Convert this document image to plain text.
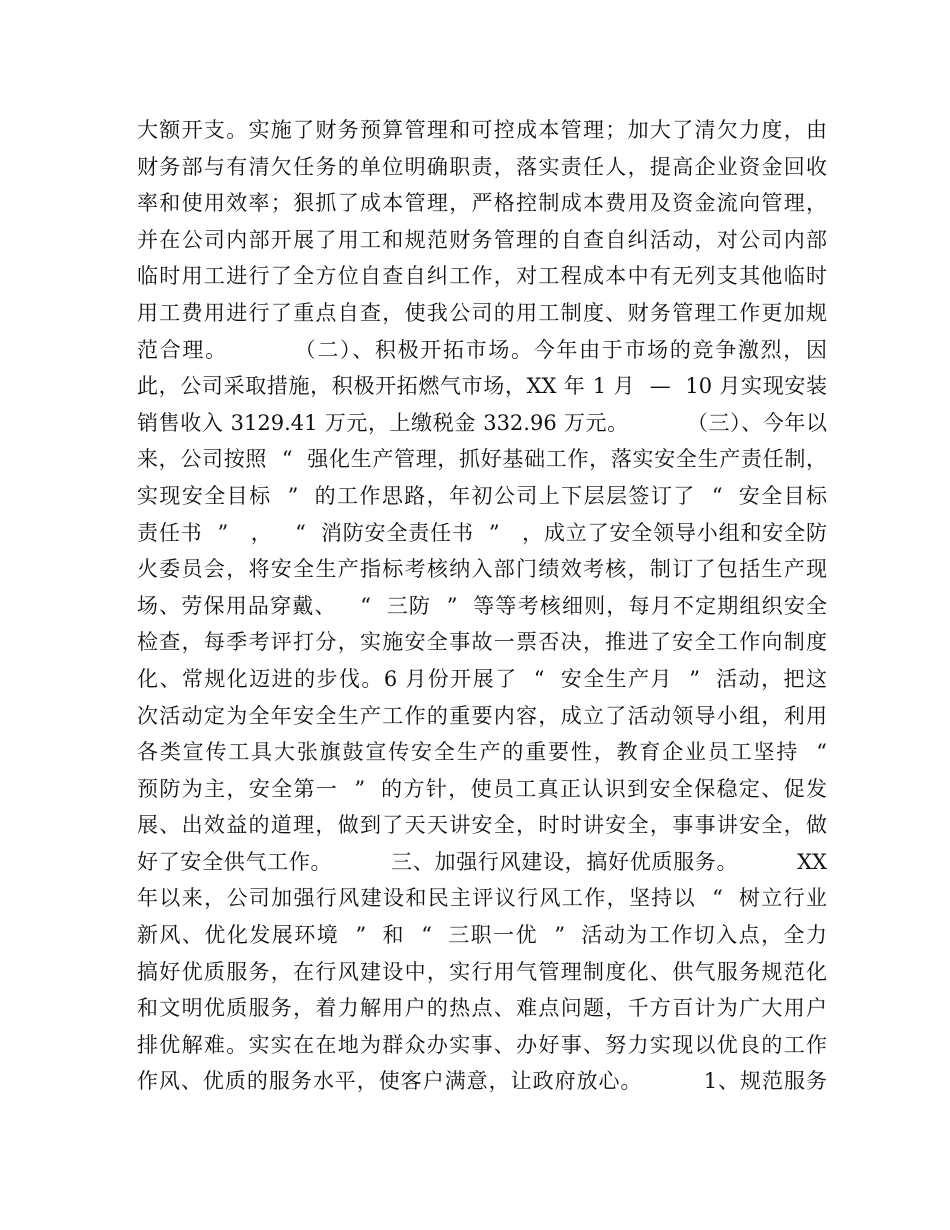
大额开支。实施了财务预算管理和可控成本管理；加大了清欠力度，由
财务部与有清欠任务的单位明确职责，落实责任人，提高企业资金回收
率和使用效率；狠抓了成本管理，严格控制成本费用及资金流向管理，
并在公司内部开展了用工和规范财务管理的自查自纠活动，对公司内部
临时用工进行了全方位自查自纠工作，对工程成本中有无列支其他临时
用工费用进行了重点自查，使我公司的用工制度、财务管理工作更加规
范合理。        （二）、积极开拓市场。今年由于市场的竞争激烈，因
此，公司采取措施，积极开拓燃气市场，XX 年 1 月  —  10 月实现安装
销售收入 3129.41 万元，上缴税金 332.96 万元。        （三）、今年以
来，公司按照  “  强化生产管理，抓好基础工作，落实安全生产责任制，
实现安全目标  ”  的工作思路，年初公司上下层层签订了  “  安全目标
责任书  ”   ，   “  消防安全责任书  ”   ，成立了安全领导小组和安全防
火委员会，将安全生产指标考核纳入部门绩效考核，制订了包括生产现
场、劳保用品穿戴、   “  三防  ”  等等考核细则，每月不定期组织安全
检查，每季考评打分，实施安全事故一票否决，推进了安全工作向制度
化、常规化迈进的步伐。6 月份开展了  “  安全生产月  ”  活动，把这
次活动定为全年安全生产工作的重要内容，成立了活动领导小组，利用
各类宣传工具大张旗鼓宣传安全生产的重要性，教育企业员工坚持  “
预防为主，安全第一  ”  的方针，使员工真正认识到安全保稳定、促发
展、出效益的道理，做到了天天讲安全，时时讲安全，事事讲安全，做
好了安全供气工作。        三、加强行风建设，搞好优质服务。        XX
年以来，公司加强行风建设和民主评议行风工作，坚持以  “  树立行业
新风、优化发展环境  ”  和  “  三职一优  ”  活动为工作切入点，全力
搞好优质服务，在行风建设中，实行用气管理制度化、供气服务规范化
和文明优质服务，着力解用户的热点、难点问题，千方百计为广大用户
排优解难。实实在在地为群众办实事、办好事、努力实现以优良的工作
作风、优质的服务水平，使客户满意，让政府放心。        1、规范服务
